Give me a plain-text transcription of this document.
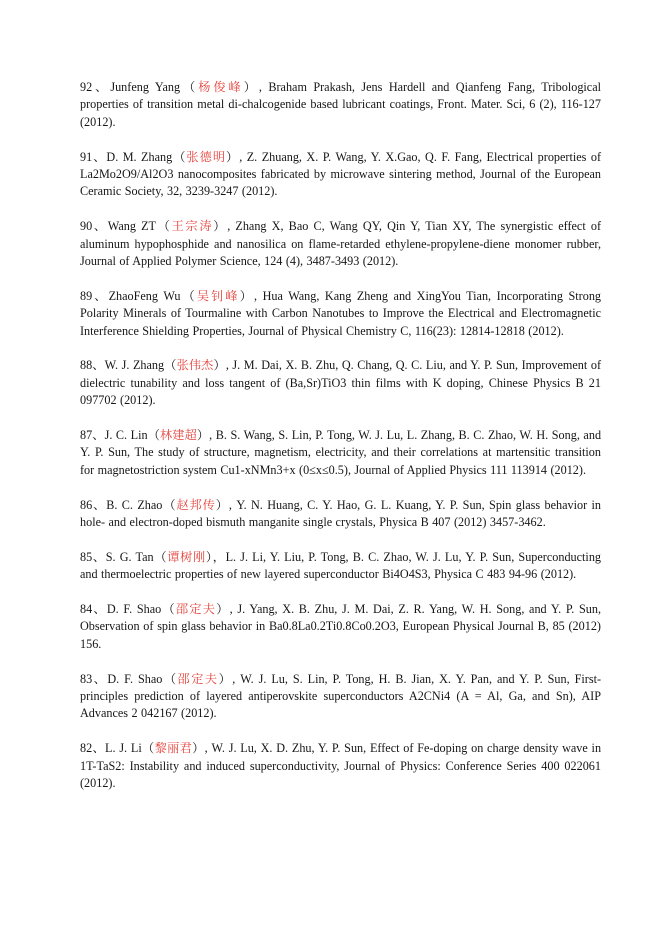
92、Junfeng Yang（杨俊峰）, Braham Prakash, Jens Hardell and Qianfeng Fang, Tribological properties of transition metal di-chalcogenide based lubricant coatings, Front. Mater. Sci, 6 (2), 116-127 (2012).

91、D. M. Zhang（张德明）, Z. Zhuang, X. P. Wang, Y. X.Gao, Q. F. Fang, Electrical properties of La2Mo2O9/Al2O3 nanocomposites fabricated by microwave sintering method, Journal of the European Ceramic Society, 32, 3239-3247 (2012).

90、Wang ZT（王宗涛）, Zhang X, Bao C, Wang QY, Qin Y, Tian XY, The synergistic effect of aluminum hypophosphide and nanosilica on flame-retarded ethylene-propylene-diene monomer rubber, Journal of Applied Polymer Science, 124 (4), 3487-3493 (2012).

89、ZhaoFeng Wu（吴钊峰）, Hua Wang, Kang Zheng and XingYou Tian, Incorporating Strong Polarity Minerals of Tourmaline with Carbon Nanotubes to Improve the Electrical and Electromagnetic Interference Shielding Properties, Journal of Physical Chemistry C, 116(23): 12814-12818 (2012).

88、W. J. Zhang（张伟杰）, J. M. Dai, X. B. Zhu, Q. Chang, Q. C. Liu, and Y. P. Sun, Improvement of dielectric tunability and loss tangent of (Ba,Sr)TiO3 thin films with K doping, Chinese Physics B 21 097702 (2012).

87、J. C. Lin（林建超）, B. S. Wang, S. Lin, P. Tong, W. J. Lu, L. Zhang, B. C. Zhao, W. H. Song, and Y. P. Sun, The study of structure, magnetism, electricity, and their correlations at martensitic transition for magnetostriction system Cu1-xNMn3+x (0≤x≤0.5), Journal of Applied Physics 111 113914 (2012).

86、B. C. Zhao（赵邦传）, Y. N. Huang, C. Y. Hao, G. L. Kuang, Y. P. Sun, Spin glass behavior in hole- and electron-doped bismuth manganite single crystals, Physica B 407 (2012) 3457-3462.

85、S. G. Tan（谭树刚），L. J. Li, Y. Liu, P. Tong, B. C. Zhao, W. J. Lu, Y. P. Sun, Superconducting and thermoelectric properties of new layered superconductor Bi4O4S3, Physica C 483 94-96 (2012).

84、D. F. Shao（邵定夫）, J. Yang, X. B. Zhu, J. M. Dai, Z. R. Yang, W. H. Song, and Y. P. Sun, Observation of spin glass behavior in Ba0.8La0.2Ti0.8Co0.2O3, European Physical Journal B, 85 (2012) 156.

83、D. F. Shao（邵定夫）, W. J. Lu, S. Lin, P. Tong, H. B. Jian, X. Y. Pan, and Y. P. Sun, First-principles prediction of layered antiperovskite superconductors A2CNi4 (A = Al, Ga, and Sn), AIP Advances 2 042167 (2012).

82、L. J. Li（黎丽君）, W. J. Lu, X. D. Zhu, Y. P. Sun, Effect of Fe-doping on charge density wave in 1T-TaS2: Instability and induced superconductivity, Journal of Physics: Conference Series 400 022061 (2012).
